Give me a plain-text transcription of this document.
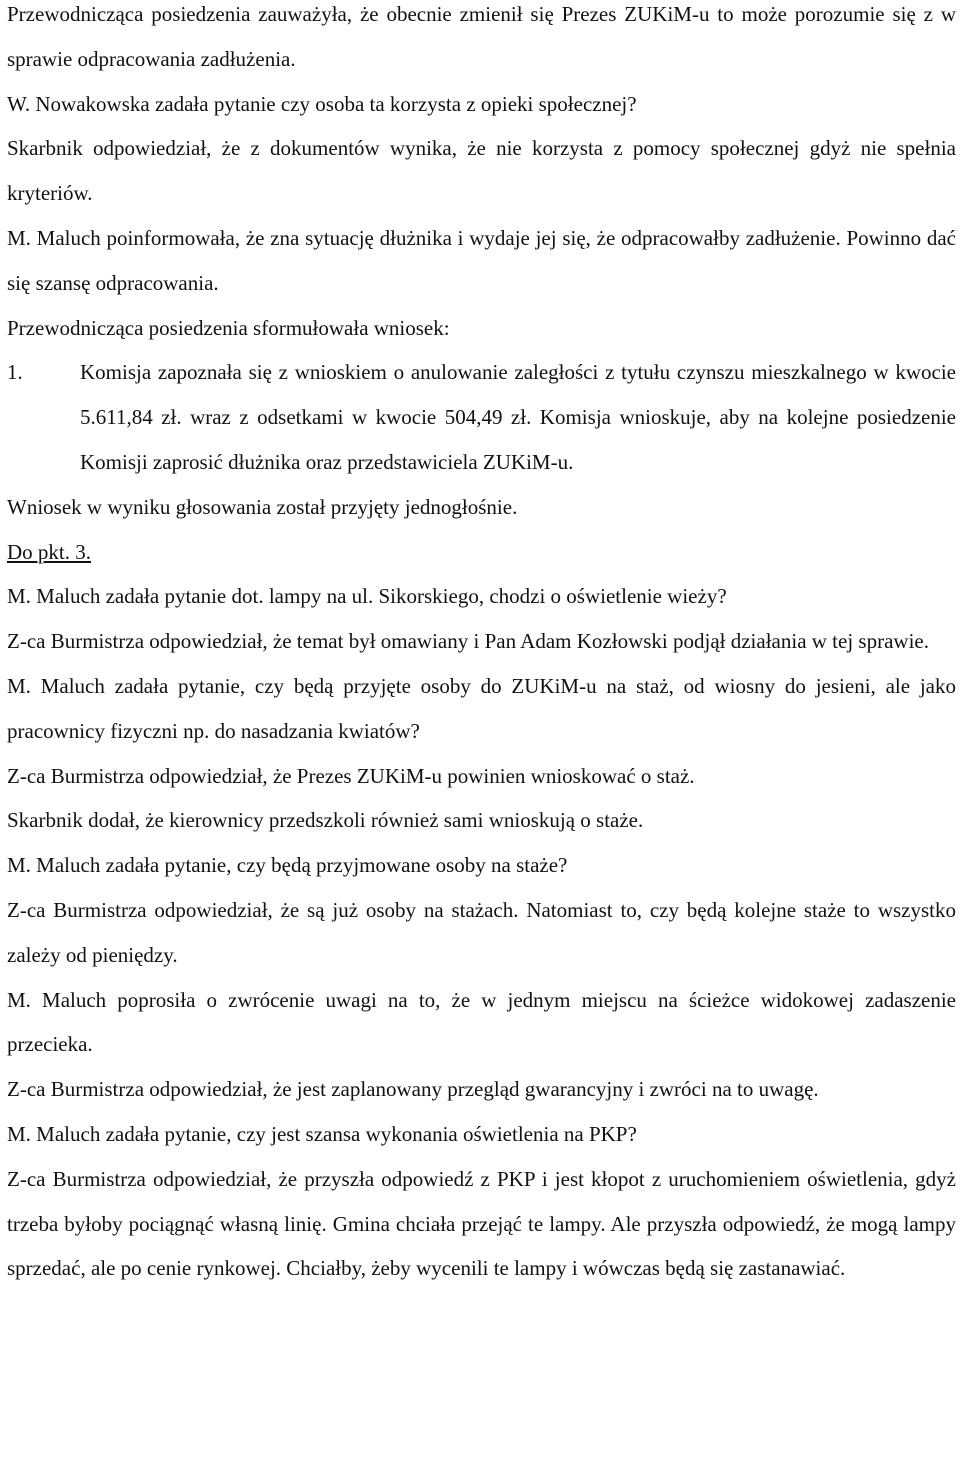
Przewodnicząca posiedzenia zauważyła, że obecnie zmienił się Prezes ZUKiM-u to może porozumie się z w sprawie odpracowania zadłużenia.

W. Nowakowska zadała pytanie czy osoba ta korzysta z opieki społecznej?

Skarbnik odpowiedział, że z dokumentów wynika, że nie korzysta z pomocy społecznej gdyż nie spełnia kryteriów.

M. Maluch poinformowała, że zna sytuację dłużnika i wydaje jej się, że odpracowałby zadłużenie. Powinno dać się szansę odpracowania.

Przewodnicząca posiedzenia sformułowała wniosek:

1.	Komisja zapoznała się z wnioskiem o anulowanie zaległości z tytułu czynszu mieszkalnego w kwocie 5.611,84 zł. wraz z odsetkami w kwocie 504,49 zł. Komisja wnioskuje, aby na kolejne posiedzenie Komisji zaprosić dłużnika oraz przedstawiciela ZUKiM-u.

Wniosek w wyniku głosowania został przyjęty jednogłośnie.

Do pkt. 3.

M. Maluch zadała pytanie dot. lampy na ul. Sikorskiego, chodzi o oświetlenie wieży?

Z-ca Burmistrza odpowiedział, że temat był omawiany i Pan Adam Kozłowski podjął działania w tej sprawie.

M. Maluch zadała pytanie, czy będą przyjęte osoby do ZUKiM-u na staż, od wiosny do jesieni, ale jako pracownicy fizyczni np. do nasadzania kwiatów?

Z-ca Burmistrza odpowiedział, że Prezes ZUKiM-u powinien wnioskować o staż.

Skarbnik dodał, że kierownicy przedszkoli również sami wnioskują o staże.

M. Maluch zadała pytanie, czy będą przyjmowane osoby na staże?

Z-ca Burmistrza odpowiedział, że są już osoby na stażach. Natomiast to, czy będą kolejne staże to wszystko zależy od pieniędzy.

M. Maluch poprosiła o zwrócenie uwagi na to, że w jednym miejscu na ścieżce widokowej zadaszenie przecieka.

Z-ca Burmistrza odpowiedział, że jest zaplanowany przegląd gwarancyjny i zwróci na to uwagę.

M. Maluch zadała pytanie, czy jest szansa wykonania oświetlenia na PKP?

Z-ca Burmistrza odpowiedział, że przyszła odpowiedź z PKP i jest kłopot z uruchomieniem oświetlenia, gdyż trzeba byłoby pociągnąć własną linię. Gmina chciała przejąć te lampy. Ale przyszła odpowiedź, że mogą lampy sprzedać, ale po cenie rynkowej. Chciałby, żeby wycenili te lampy i wówczas będą się zastanawiać.
